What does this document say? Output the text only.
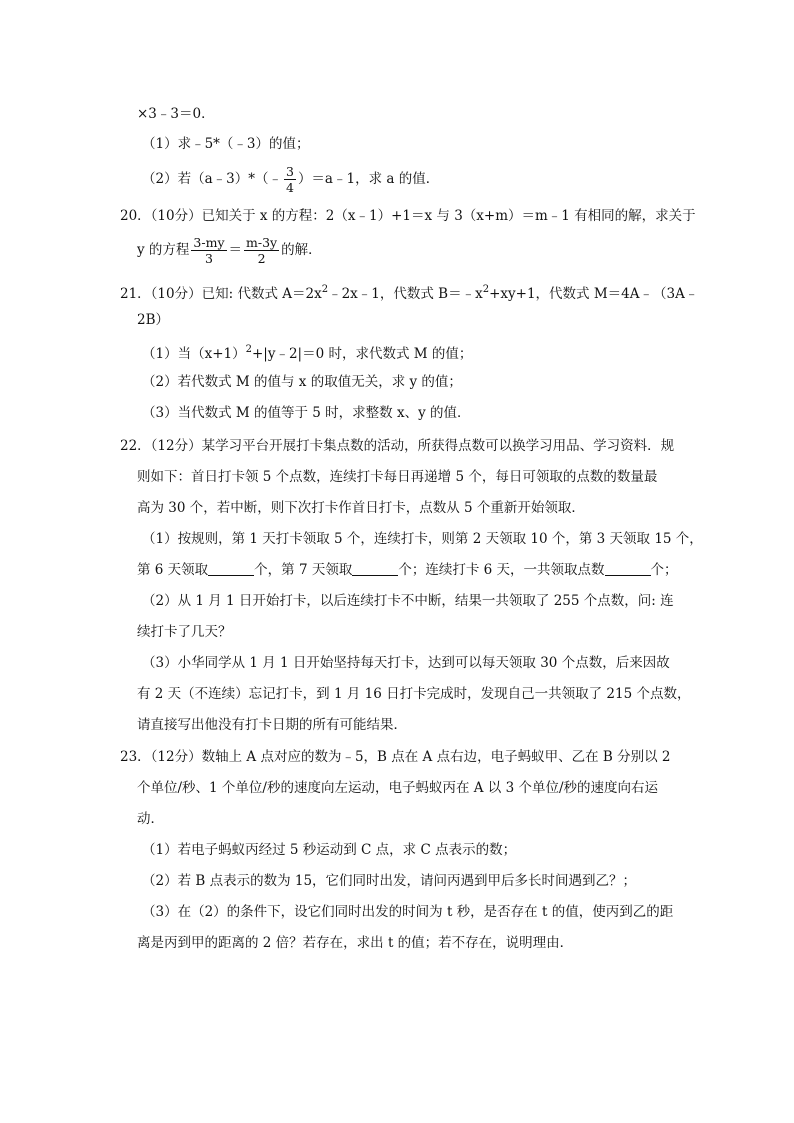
×3﹣3＝0．
（1）求﹣5*（﹣3）的值；
（2）若（a﹣3）*（﹣ $\frac{3}{4}$ ）＝a﹣1，求 a 的值．
20．（10分）已知关于 x 的方程：2（x﹣1）+1＝x 与 3（x+m）＝m﹣1 有相同的解，求关于
y 的方程 $\frac{3-my}{3} = \frac{m-3y}{2}$ 的解．
21．（10分）已知: 代数式 $A=2x^2﹣2x﹣1$，代数式 $B=﹣x^2+xy+1$，代数式 M＝4A﹣（3A﹣
2B）
（1）当$(x+1)^2+|y﹣2|=0$ 时，求代数式 M 的值；
（2）若代数式 M 的值与 x 的取值无关，求 y 的值；
（3）当代数式 M 的值等于 5 时，求整数 x、y 的值．
22．（12分）某学习平台开展打卡集点数的活动，所获得点数可以换学习用品、学习资料．规
则如下：首日打卡领 5 个点数，连续打卡每日再递增 5 个，每日可领取的点数的数量最
高为 30 个，若中断，则下次打卡作首日打卡，点数从 5 个重新开始领取．
（1）按规则，第 1 天打卡领取 5 个，连续打卡，则第 2 天领取 10 个，第 3 天领取 15 个，
第 6 天领取	个，第 7 天领取	个；连续打卡 6 天，一共领取点数	个；
（2）从 1 月 1 日开始打卡，以后连续打卡不中断，结果一共领取了 255 个点数，问: 连
续打卡了几天？
（3）小华同学从 1 月 1 日开始坚持每天打卡，达到可以每天领取 30 个点数，后来因故
有 2 天（不连续）忘记打卡，到 1 月 16 日打卡完成时，发现自己一共领取了 215 个点数，
请直接写出他没有打卡日期的所有可能结果．
23．（12分）数轴上 A 点对应的数为﹣5，B 点在 A 点右边，电子蚂蚁甲、乙在 B 分别以 2
个单位/秒、1 个单位/秒的速度向左运动，电子蚂蚁丙在 A 以 3 个单位/秒的速度向右运
动．
（1）若电子蚂蚁丙经过 5 秒运动到 C 点，求 C 点表示的数；
（2）若 B 点表示的数为 15，它们同时出发，请问丙遇到甲后多长时间遇到乙？；
（3）在（2）的条件下，设它们同时出发的时间为 t 秒，是否存在 t 的值，使丙到乙的距
离是丙到甲的距离的 2 倍？若存在，求出 t 的值；若不存在，说明理由．
